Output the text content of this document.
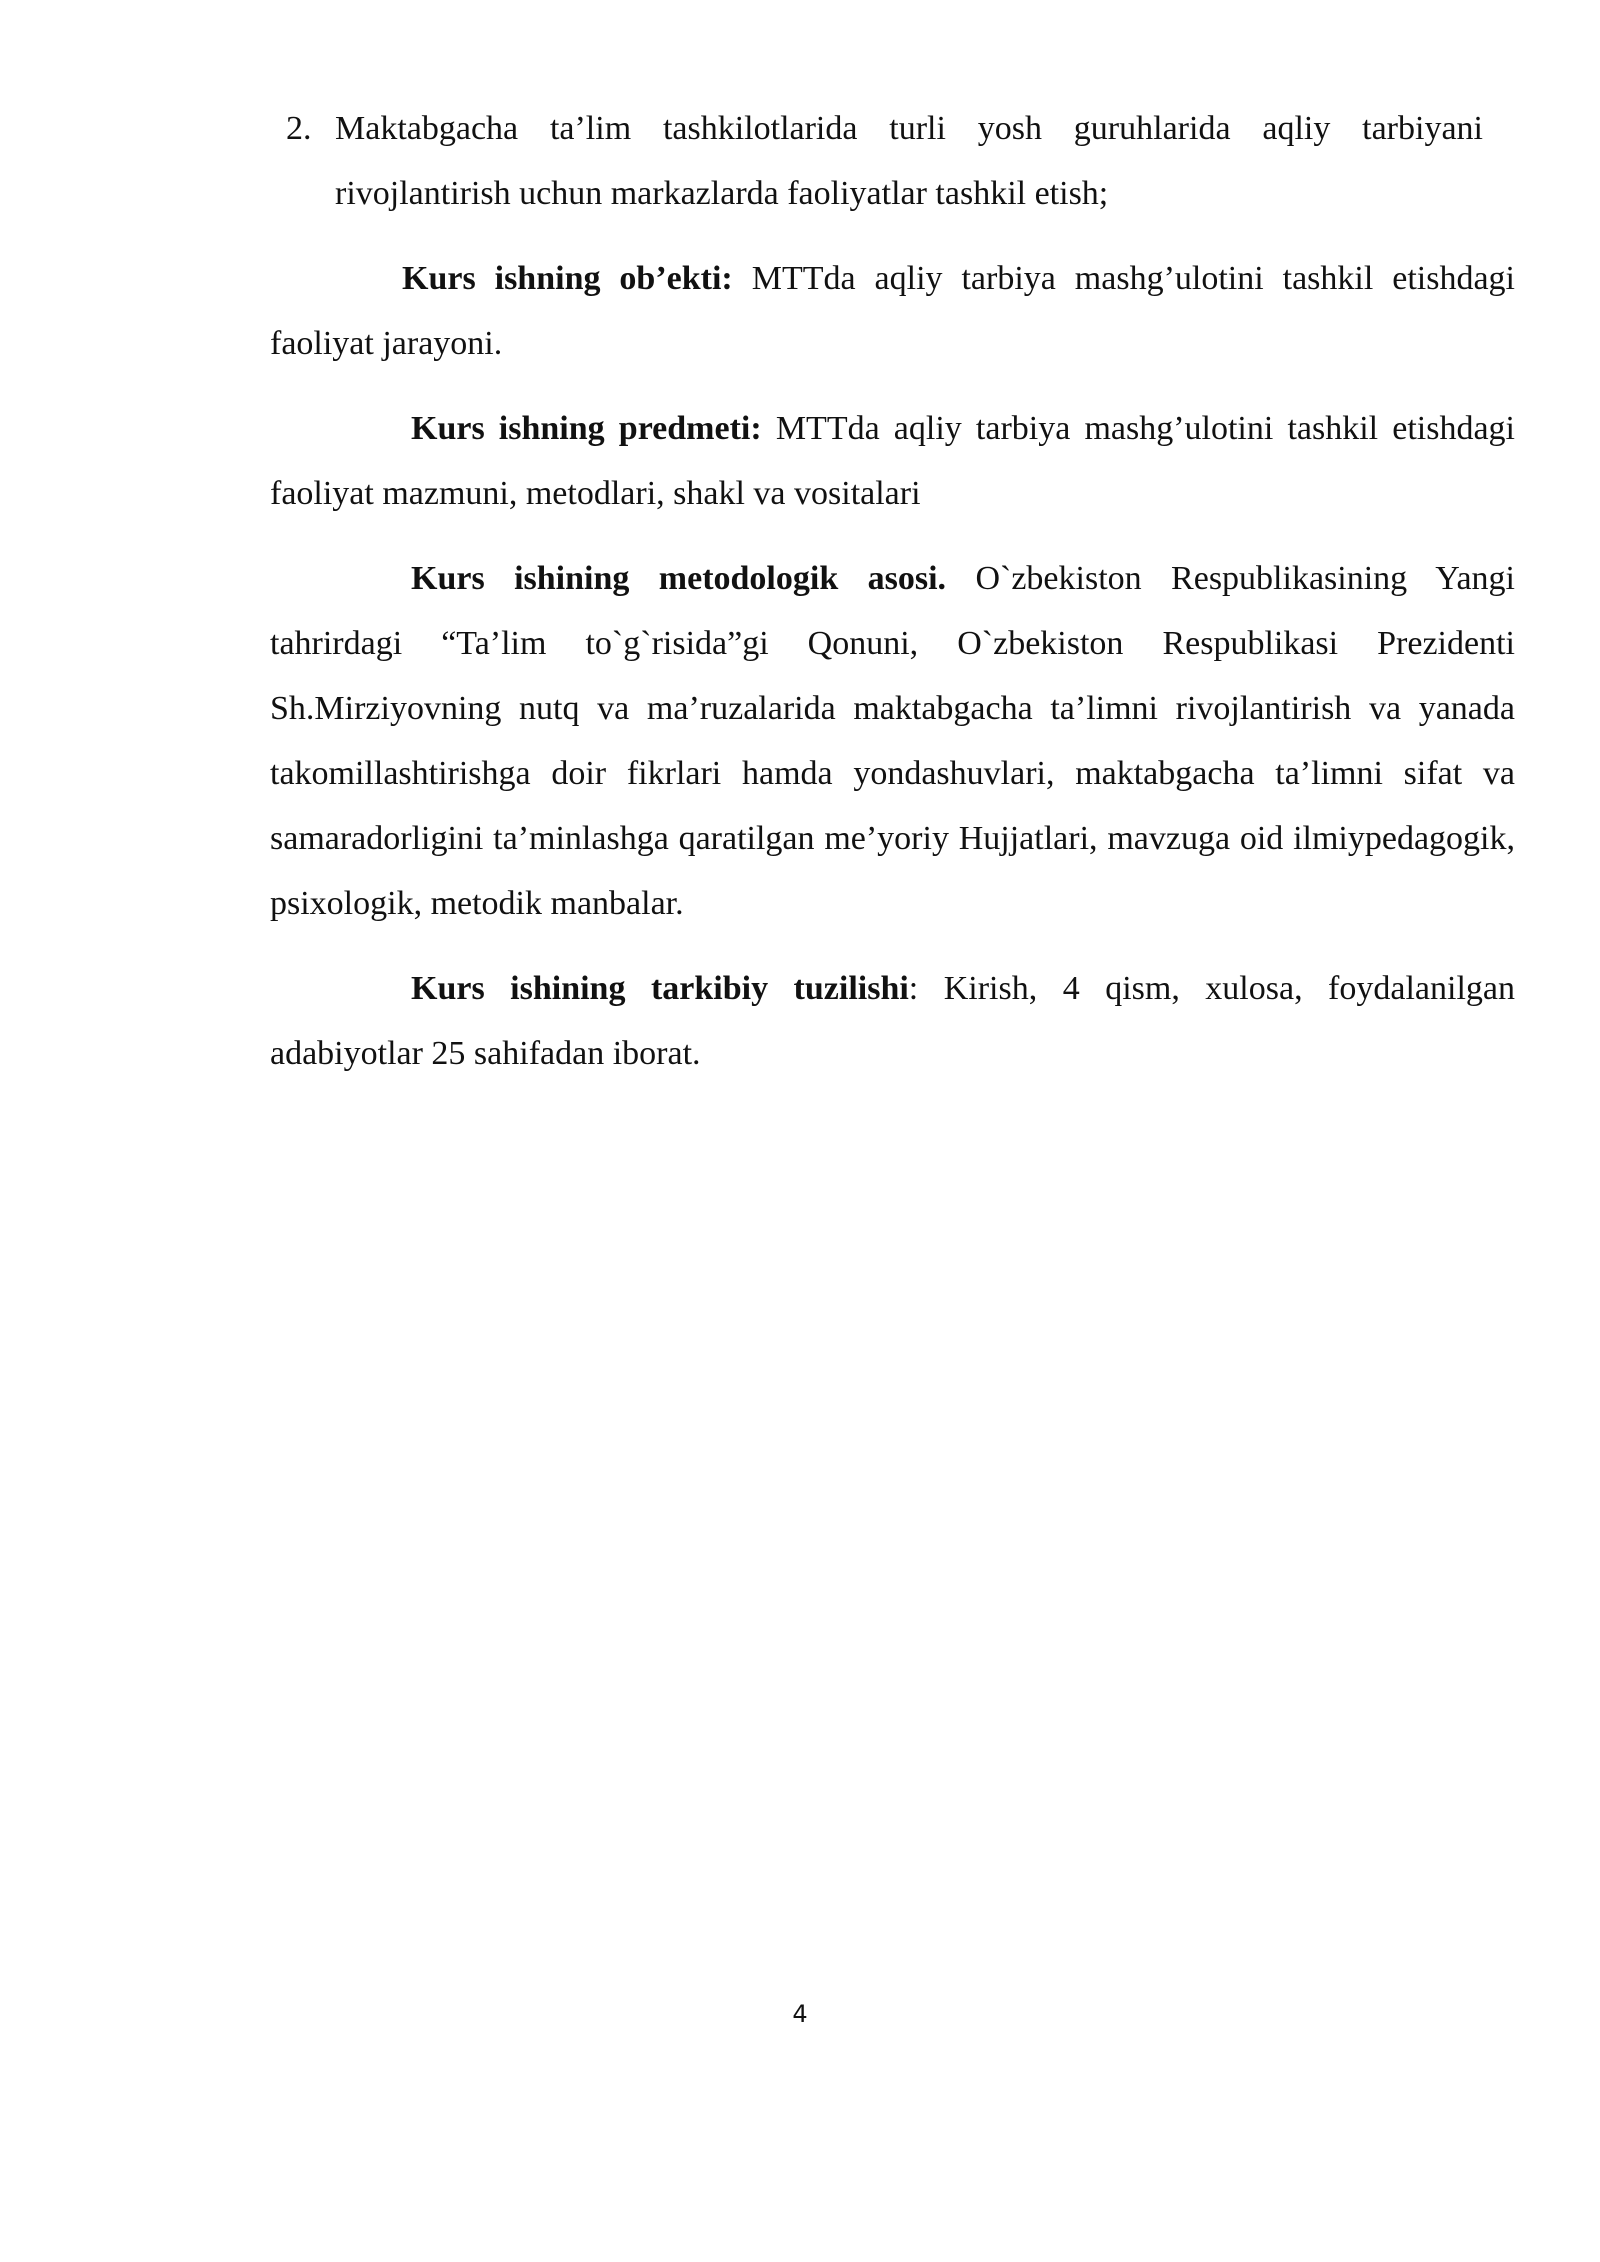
2. Maktabgacha ta’lim tashkilotlarida turli yosh guruhlarida aqliy tarbiyani rivojlantirish uchun markazlarda faoliyatlar tashkil etish;

Kurs ishning ob’ekti: MTTda aqliy tarbiya mashg’ulotini tashkil etishdagi faoliyat jarayoni.

Kurs ishning predmeti: MTTda aqliy tarbiya mashg’ulotini tashkil etishdagi faoliyat mazmuni, metodlari, shakl va vositalari

Kurs ishining metodologik asosi. O`zbekiston Respublikasining Yangi tahrirdagi “Ta’lim to`g`risida”gi Qonuni, O`zbekiston Respublikasi Prezidenti Sh.Mirziyovning nutq va ma’ruzalarida maktabgacha ta’limni rivojlantirish va yanada takomillashtirishga doir fikrlari hamda yondashuvlari, maktabgacha ta’limni sifat va samaradorligini ta’minlashga qaratilgan me’yoriy Hujjatlari, mavzuga oid ilmiypedagogik, psixologik, metodik manbalar.

Kurs ishining tarkibiy tuzilishi: Kirish, 4 qism, xulosa, foydalanilgan adabiyotlar 25 sahifadan iborat.

4
